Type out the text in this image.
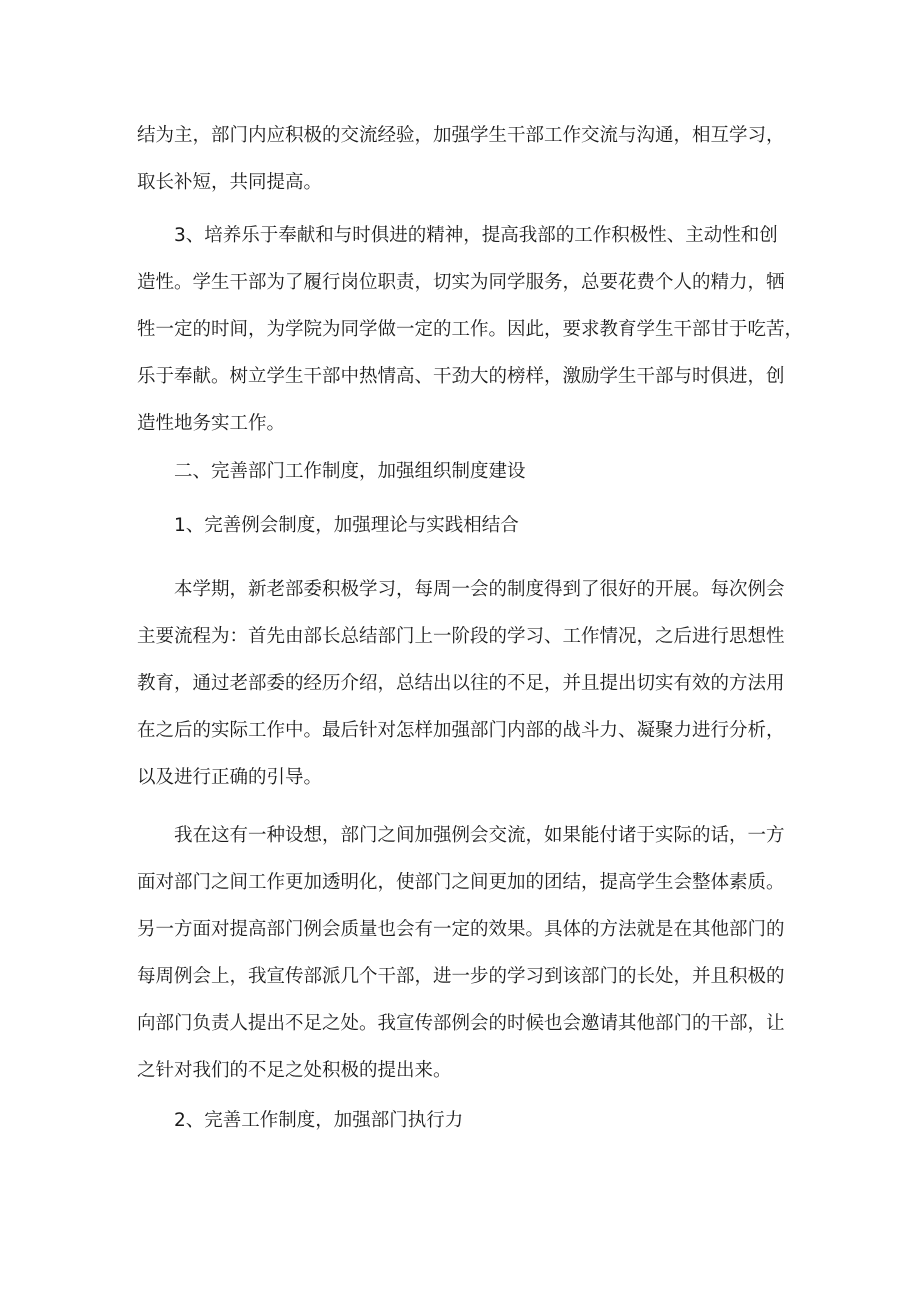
结为主，部门内应积极的交流经验，加强学生干部工作交流与沟通，相互学习，
取长补短，共同提高。

3、培养乐于奉献和与时俱进的精神，提高我部的工作积极性、主动性和创
造性。学生干部为了履行岗位职责，切实为同学服务，总要花费个人的精力，牺
牲一定的时间，为学院为同学做一定的工作。因此，要求教育学生干部甘于吃苦，
乐于奉献。树立学生干部中热情高、干劲大的榜样，激励学生干部与时俱进，创
造性地务实工作。

二、完善部门工作制度，加强组织制度建设

1、完善例会制度，加强理论与实践相结合

本学期，新老部委积极学习，每周一会的制度得到了很好的开展。每次例会
主要流程为：首先由部长总结部门上一阶段的学习、工作情况，之后进行思想性
教育，通过老部委的经历介绍，总结出以往的不足，并且提出切实有效的方法用
在之后的实际工作中。最后针对怎样加强部门内部的战斗力、凝聚力进行分析，
以及进行正确的引导。

我在这有一种设想，部门之间加强例会交流，如果能付诸于实际的话，一方
面对部门之间工作更加透明化，使部门之间更加的团结，提高学生会整体素质。
另一方面对提高部门例会质量也会有一定的效果。具体的方法就是在其他部门的
每周例会上，我宣传部派几个干部，进一步的学习到该部门的长处，并且积极的
向部门负责人提出不足之处。我宣传部例会的时候也会邀请其他部门的干部，让
之针对我们的不足之处积极的提出来。

2、完善工作制度，加强部门执行力
